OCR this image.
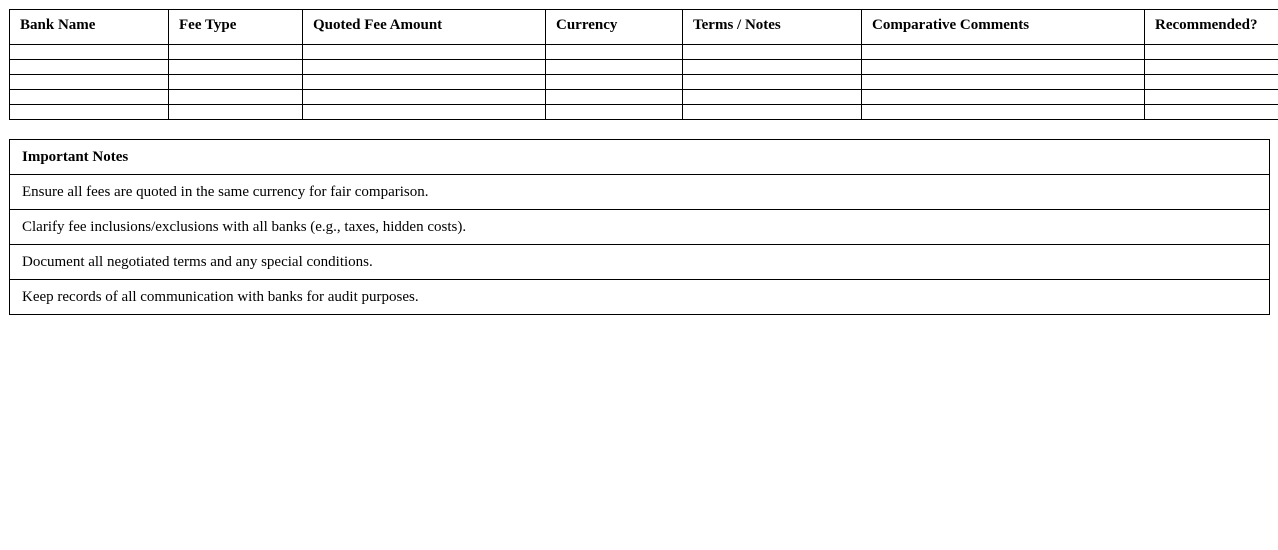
Bank Name	Fee Type	Quoted Fee Amount	Currency	Terms / Notes	Comparative Comments	Recommended?

Important Notes
Ensure all fees are quoted in the same currency for fair comparison.
Clarify fee inclusions/exclusions with all banks (e.g., taxes, hidden costs).
Document all negotiated terms and any special conditions.
Keep records of all communication with banks for audit purposes.
